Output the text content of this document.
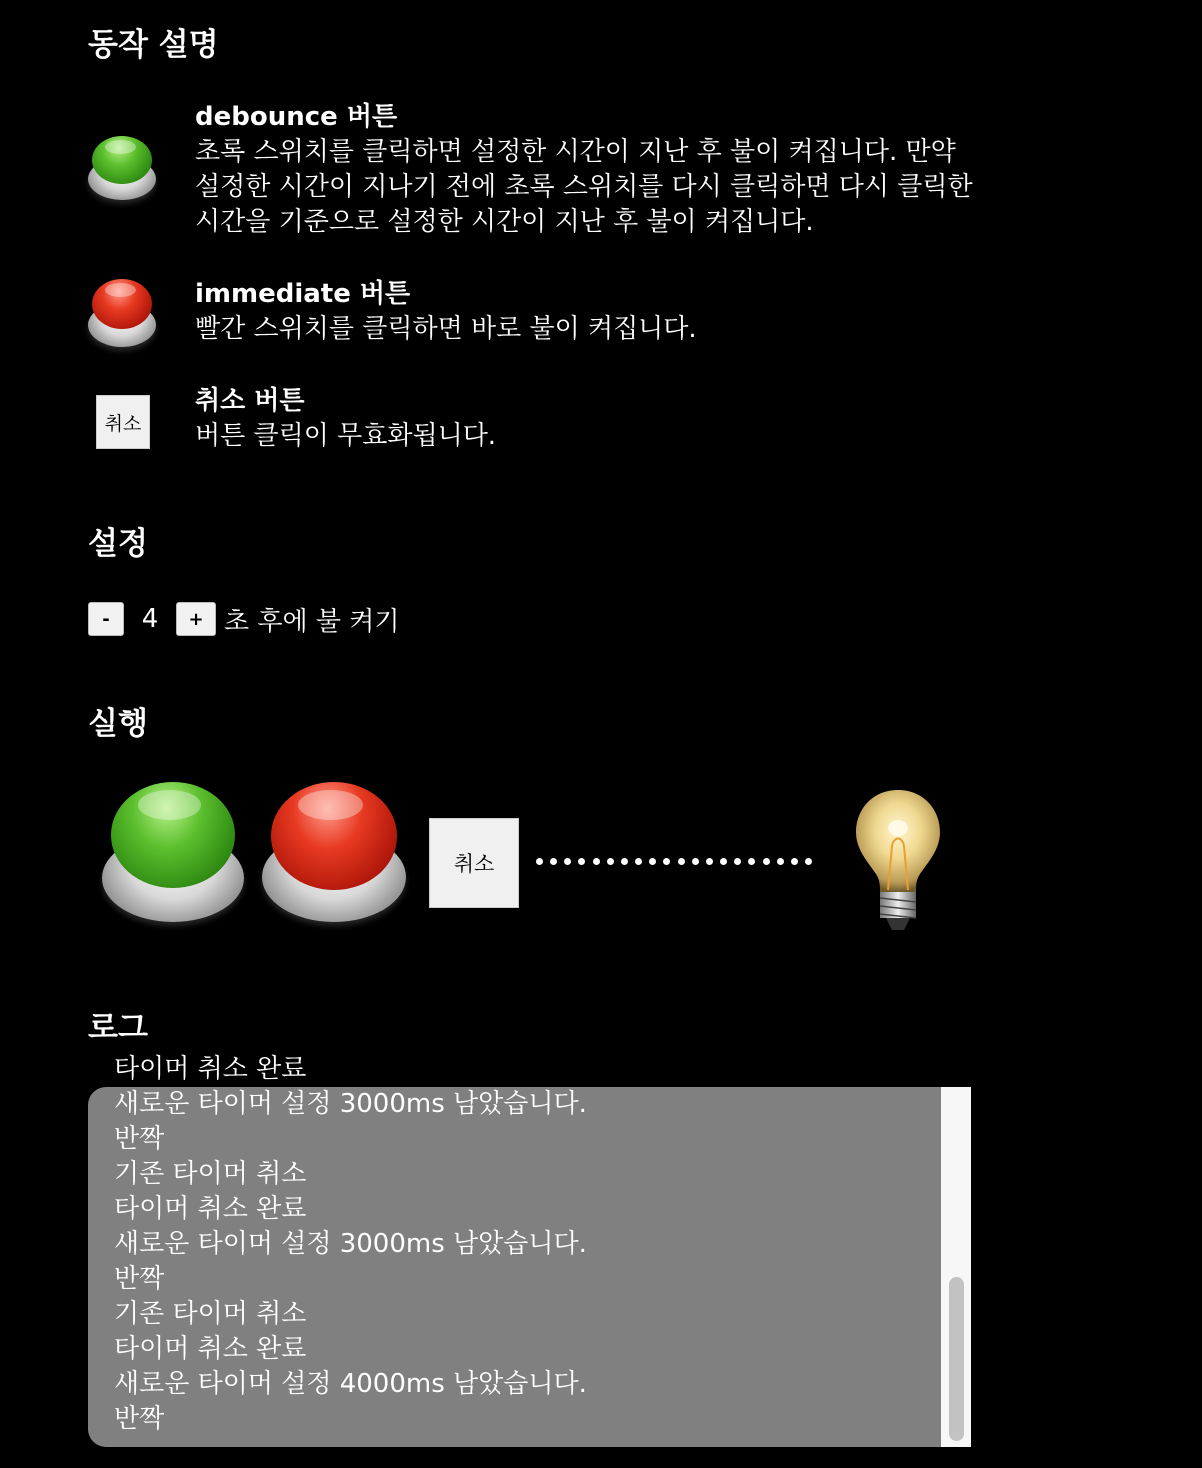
동작 설명
debounce 버튼
초록 스위치를 클릭하면 설정한 시간이 지난 후 불이 켜집니다. 만약 설정한 시간이 지나기 전에 초록 스위치를 다시 클릭하면 다시 클릭한 시간을 기준으로 설정한 시간이 지난 후 불이 켜집니다.
immediate 버튼
빨간 스위치를 클릭하면 바로 불이 켜집니다.
취소
취소 버튼
버튼 클릭이 무효화됩니다.
설정
-	4	+ 초 후에 불 켜기
실행
취소
로그
타이머 취소 완료
새로운 타이머 설정 3000ms 남았습니다.
반짝
기존 타이머 취소
타이머 취소 완료
새로운 타이머 설정 3000ms 남았습니다.
반짝
기존 타이머 취소
타이머 취소 완료
새로운 타이머 설정 4000ms 남았습니다.
반짝
